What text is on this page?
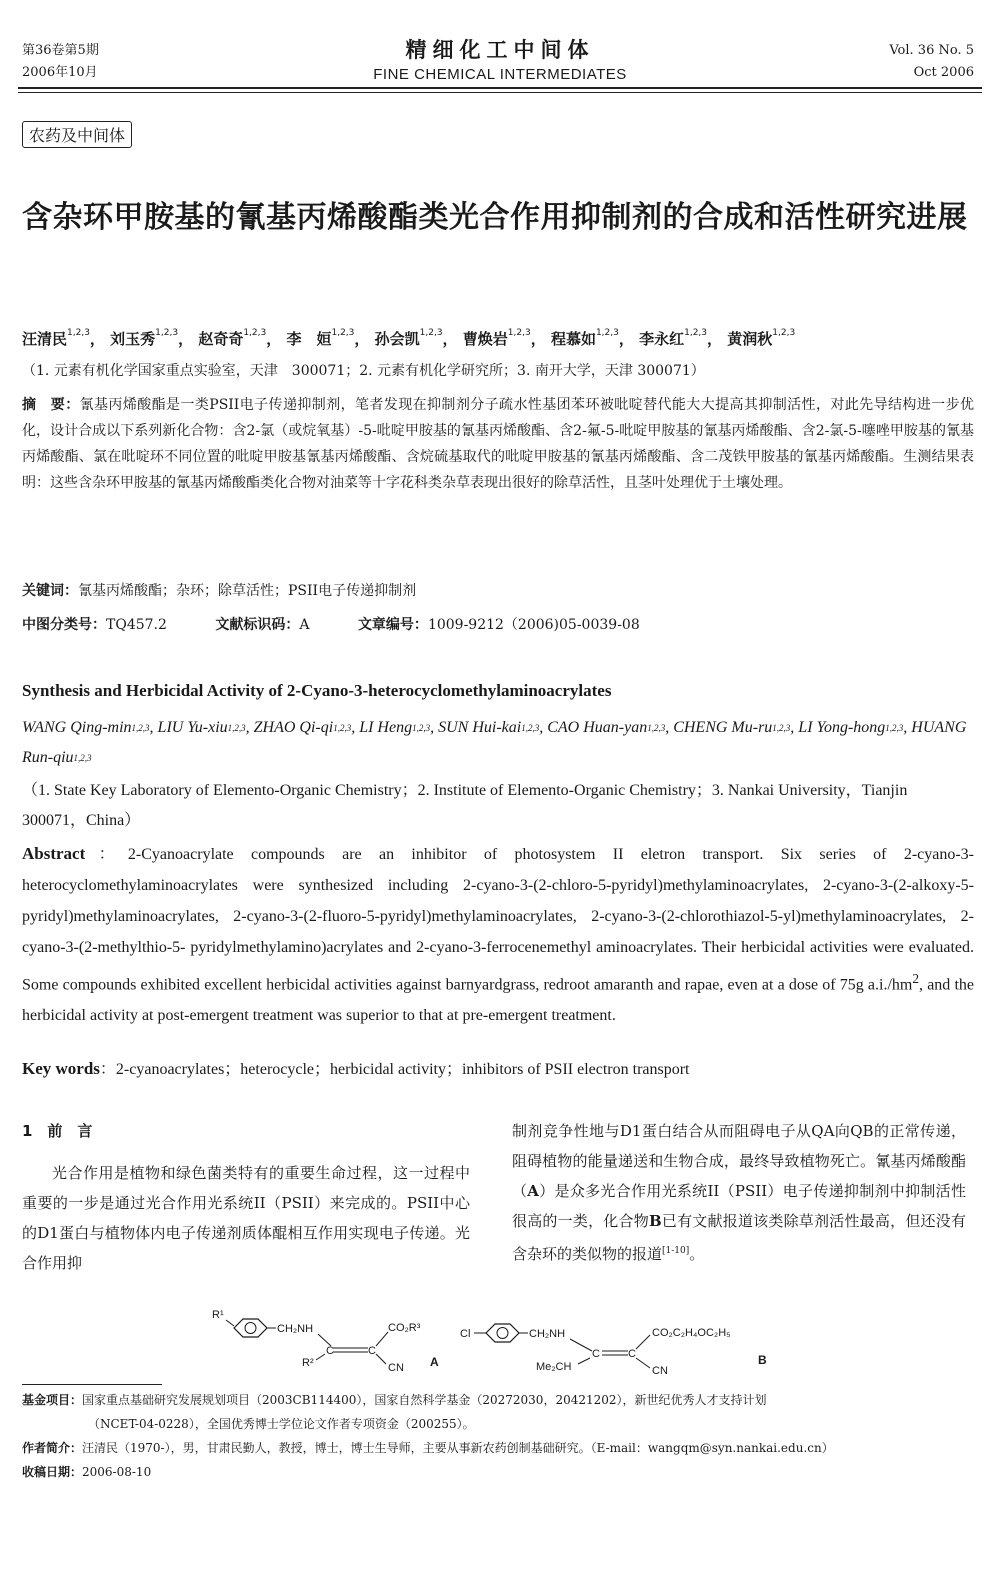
第36卷第5期
2006年10月
精细化工中间体
FINE CHEMICAL INTERMEDIATES
Vol. 36 No. 5
Oct 2006
农药及中间体
含杂环甲胺基的氰基丙烯酸酯类光合作用抑制剂的合成和活性研究进展
汪清民$^{1,2,3}$， 刘玉秀$^{1,2,3}$， 赵奇奇$^{1,2,3}$， 李　姮$^{1,2,3}$， 孙会凯$^{1,2,3}$， 曹焕岩$^{1,2,3}$， 程慕如$^{1,2,3}$， 李永红$^{1,2,3}$， 黄润秋$^{1,2,3}$
（1. 元素有机化学国家重点实验室，天津　300071；2. 元素有机化学研究所；3. 南开大学，天津 300071）
摘　要：氰基丙烯酸酯是一类PSII电子传递抑制剂，笔者发现在抑制剂分子疏水性基团苯环被吡啶替代能大大提高其抑制活性，对此先导结构进一步优化，设计合成以下系列新化合物：含2-氯（或烷氧基）-5-吡啶甲胺基的氰基丙烯酸酯、含2-氟-5-吡啶甲胺基的氰基丙烯酸酯、含2-氯-5-噻唑甲胺基的氰基丙烯酸酯、氯在吡啶环不同位置的吡啶甲胺基氰基丙烯酸酯、含烷硫基取代的吡啶甲胺基的氰基丙烯酸酯、含二茂铁甲胺基的氰基丙烯酸酯。生测结果表明：这些含杂环甲胺基的氰基丙烯酸酯类化合物对油菜等十字花科类杂草表现出很好的除草活性，且茎叶处理优于土壤处理。
关键词：氰基丙烯酸酯；杂环；除草活性；PSII电子传递抑制剂
中图分类号：TQ457.2	文献标识码：A	文章编号：1009-9212（2006)05-0039-08
Synthesis and Herbicidal Activity of 2-Cyano-3-heterocyclomethylaminoacrylates
WANG Qing-$\min^{1,2,3}$, LIU Yu-xiu$^{1,2,3}$, ZHAO Qi-qi$^{1,2,3}$, LI Heng$^{1,2,3}$, SUN Hui-kai$^{1,2,3}$, CAO Huan-yan$^{1,2,3}$, CHENG Mu-ru$^{1,2,3}$, LI Yong-hong$^{1,2,3}$, HUANG Run-qiu$^{1,2,3}$
（1. State Key Laboratory of Elemento-Organic Chemistry；2. Institute of Elemento-Organic Chemistry；3. Nankai University，Tianjin 300071，China）
Abstract：2-Cyanoacrylate compounds are an inhibitor of photosystem II eletron transport. Six series of 2-cyano-3-heterocyclomethylaminoacrylates were synthesized including 2-cyano-3-(2-chloro-5-pyridyl)methylaminoacrylates, 2-cyano-3-(2-alkoxy-5-pyridyl)methylaminoacrylates, 2-cyano-3-(2-fluoro-5-pyridyl)methylaminoacrylates, 2-cyano-3-(2-chlorothiazol-5-yl)methylaminoacrylates, 2-cyano-3-(2-methylthio-5- pyridylmethylamino)acrylates and 2-cyano-3-ferrocenemethyl aminoacrylates. Their herbicidal activities were evaluated. Some compounds exhibited excellent herbicidal activities against barnyardgrass, redroot amaranth and rapae, even at a dose of 75g $a.i./hm^2$, and the herbicidal activity at post-emergent treatment was superior to that at pre-emergent treatment.
Key words：2-cyanoacrylates；heterocycle；herbicidal activity；inhibitors of PSII electron transport
1　前　言
光合作用是植物和绿色菌类特有的重要生命过程，这一过程中重要的一步是通过光合作用光系统II（PSII）来完成的。PSII中心的D1蛋白与植物体内电子传递剂质体醌相互作用实现电子传递。光合作用抑
制剂竞争性地与D1蛋白结合从而阻碍电子从QA向QB的正常传递，阻碍植物的能量递送和生物合成，最终导致植物死亡。氰基丙烯酸酯（A）是众多光合作用光系统II（PSII）电子传递抑制剂中抑制活性很高的一类，化合物B已有文献报道该类除草剂活性最高，但还没有含杂环的类似物的报道[1-10]。
R¹
CH₂NH
C	C
R²
CO₂R³
CN A
Cl	CH₂NH
C	C
Me₂CH
CO₂C₂H₄OC₂H₅
CN
B
基金项目：国家重点基础研究发展规划项目（2003CB114400），国家自然科学基金（20272030，20421202），新世纪优秀人才支持计划
（NCET-04-0228），全国优秀博士学位论文作者专项资金（200255）。
作者简介：汪清民（1970-），男，甘肃民勤人，教授，博士，博士生导师，主要从事新农药创制基础研究。（E-mail：wangqm@syn.nankai.edu.cn）
收稿日期：2006-08-10
